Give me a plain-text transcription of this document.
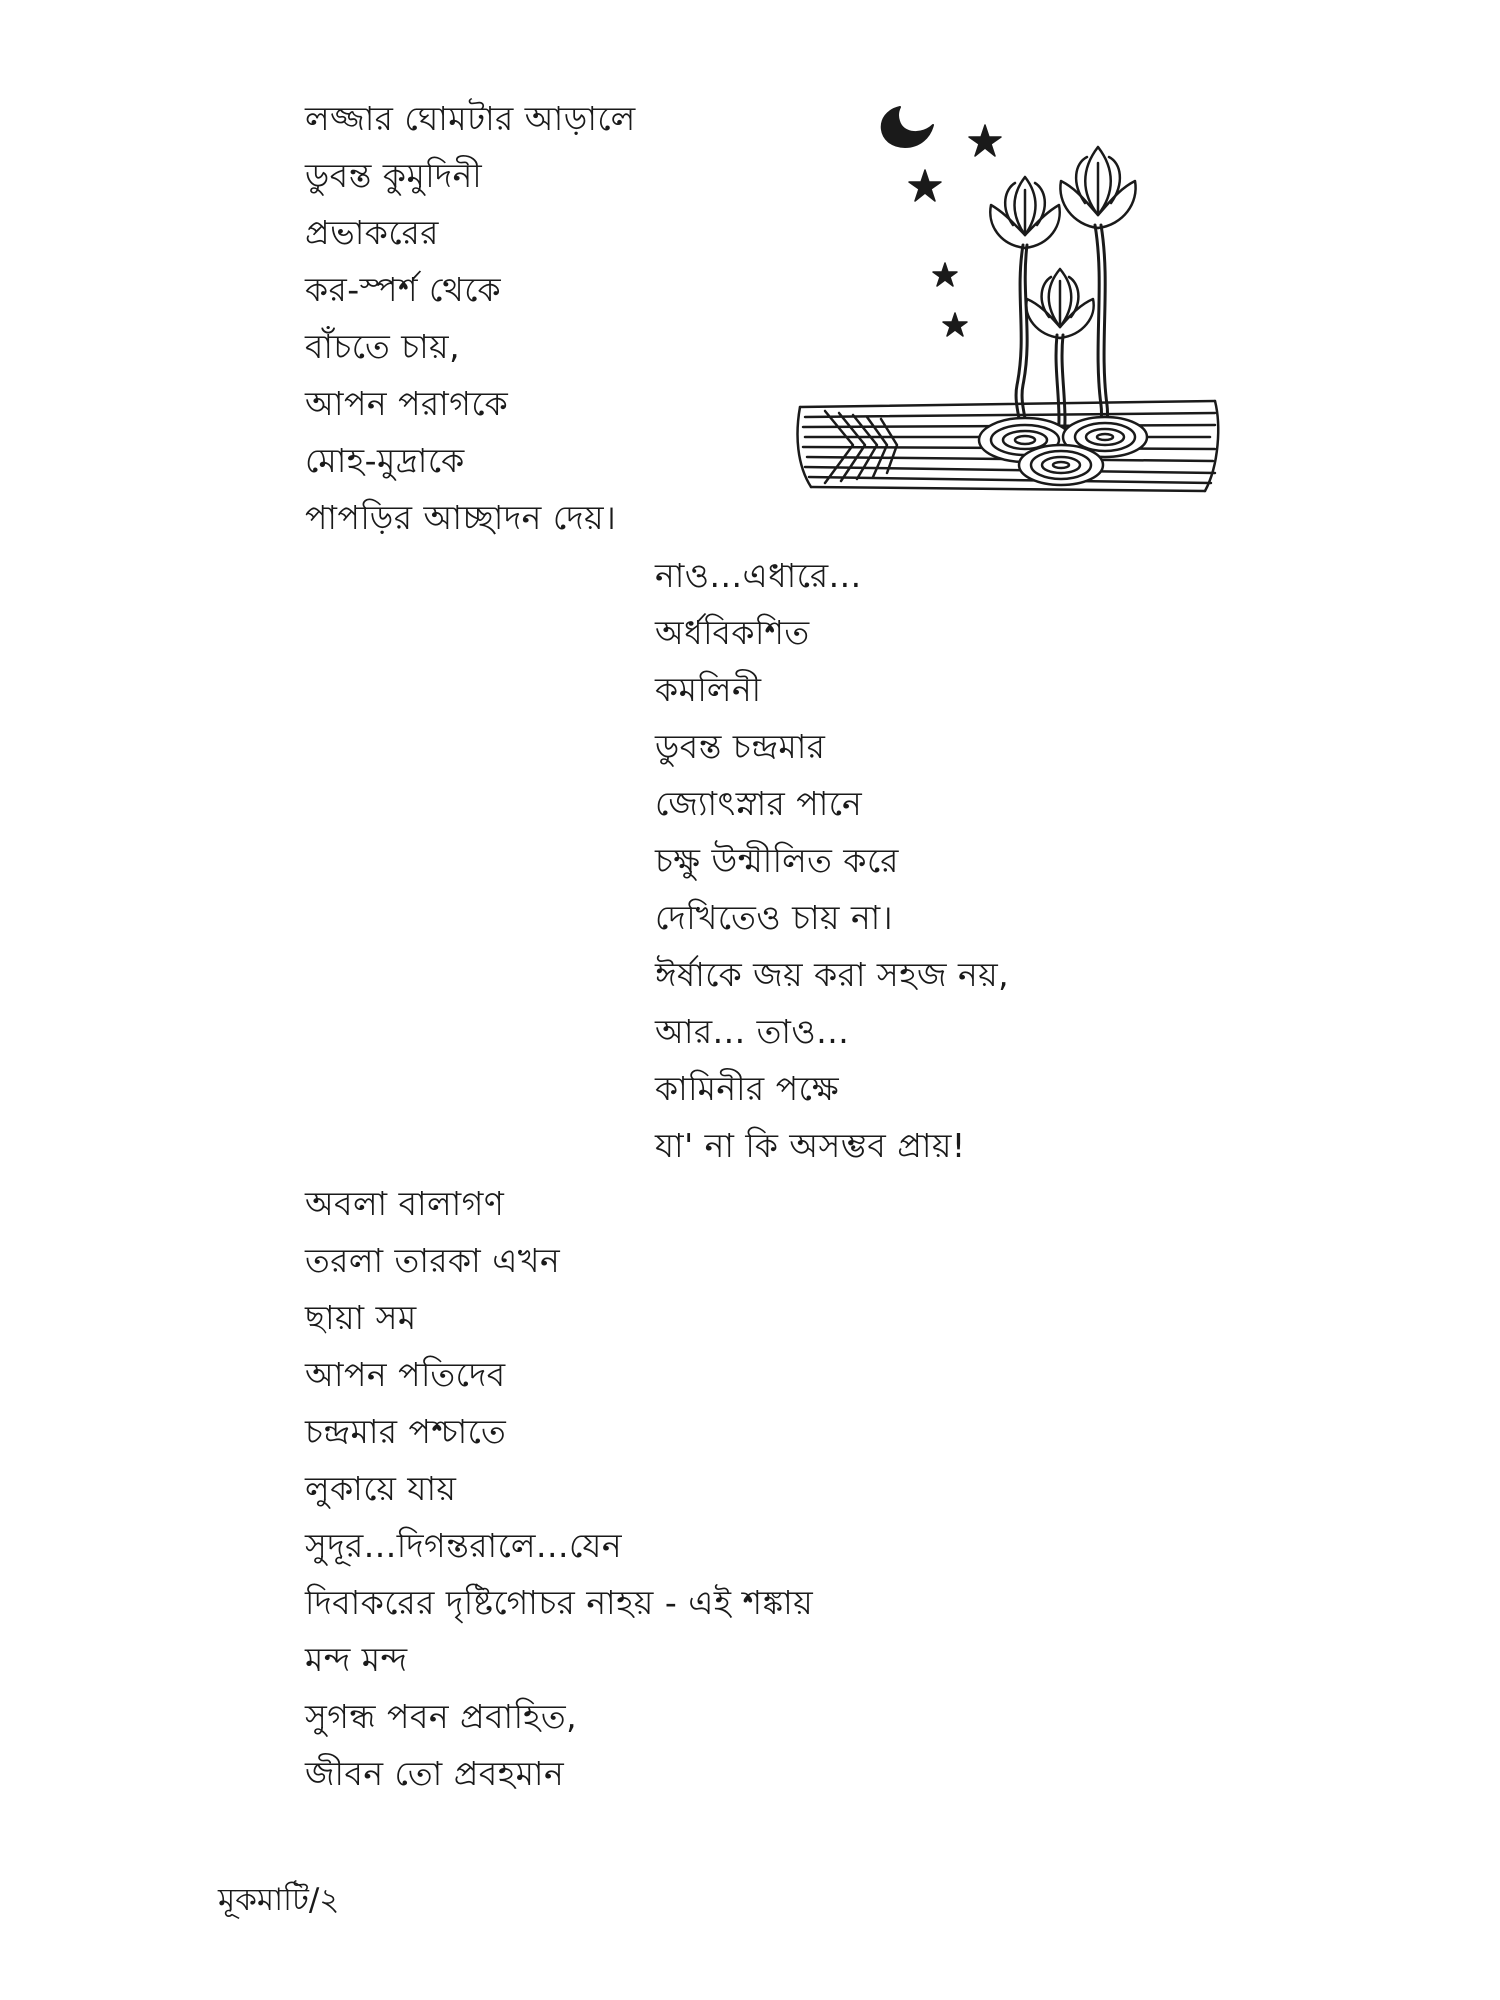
লজ্জার ঘোমটার আড়ালে
ডুবন্ত কুমুদিনী
প্রভাকরের
কর-স্পর্শ থেকে
বাঁচতে চায়,
আপন পরাগকে
মোহ-মুদ্রাকে
পাপড়ির আচ্ছাদন দেয়।
নাও...এধারে...
অর্ধবিকশিত
কমলিনী
ডুবন্ত চন্দ্রমার
জ্যোৎস্নার পানে
চক্ষু উন্মীলিত করে
দেখিতেও চায় না।
ঈর্ষাকে জয় করা সহজ নয়,
আর... তাও...
কামিনীর পক্ষে
যা' না কি অসম্ভব প্রায়!
অবলা বালাগণ
তরলা তারকা এখন
ছায়া সম
আপন পতিদেব
চন্দ্রমার পশ্চাতে
লুকায়ে যায়
সুদূর...দিগন্তরালে...যেন
দিবাকরের দৃষ্টিগোচর নাহয় - এই শঙ্কায়
মন্দ মন্দ
সুগন্ধ পবন প্রবাহিত,
জীবন তো প্রবহমান
মূকমাটি/২
